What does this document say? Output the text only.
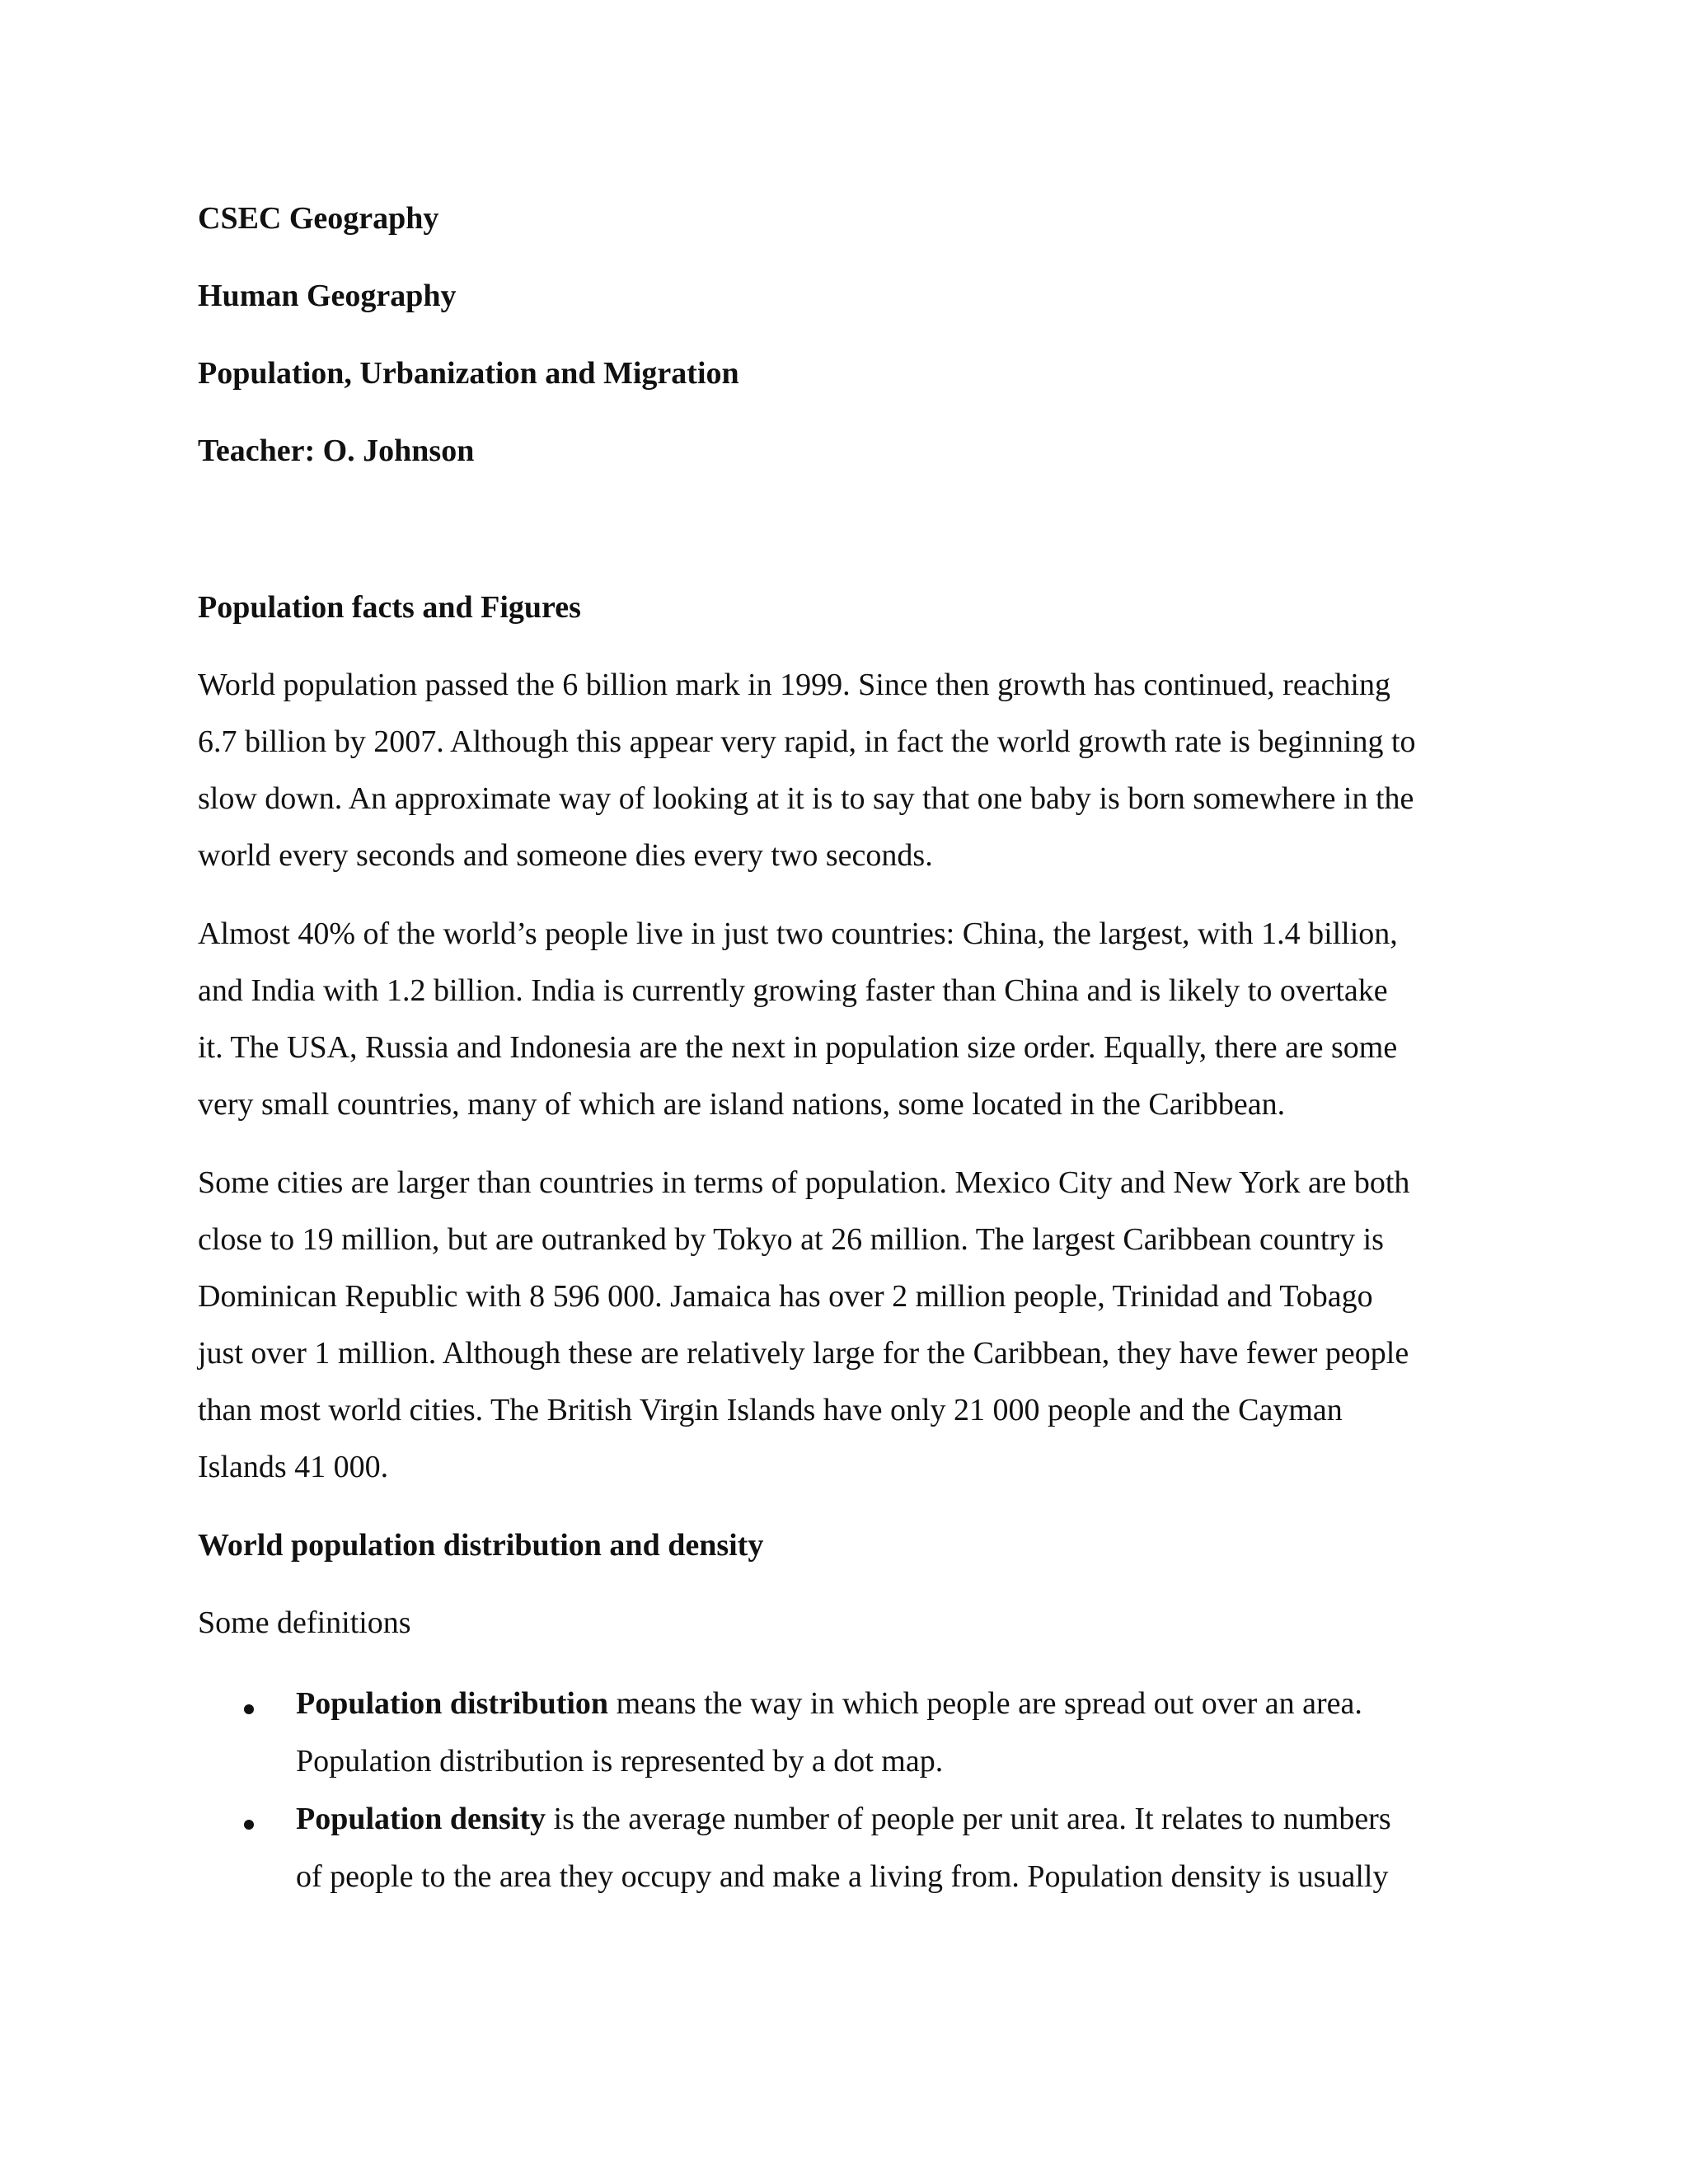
CSEC Geography

Human Geography

Population, Urbanization and Migration

Teacher: O. Johnson

Population facts and Figures

World population passed the 6 billion mark in 1999. Since then growth has continued, reaching

6.7 billion by 2007. Although this appear very rapid, in fact the world growth rate is beginning to

slow down. An approximate way of looking at it is to say that one baby is born somewhere in the

world every seconds and someone dies every two seconds.

Almost 40% of the world’s people live in just two countries: China, the largest, with 1.4 billion,

and India with 1.2 billion. India is currently growing faster than China and is likely to overtake

it. The USA, Russia and Indonesia are the next in population size order. Equally, there are some

very small countries, many of which are island nations, some located in the Caribbean.

Some cities are larger than countries in terms of population. Mexico City and New York are both

close to 19 million, but are outranked by Tokyo at 26 million. The largest Caribbean country is

Dominican Republic with 8 596 000. Jamaica has over 2 million people, Trinidad and Tobago

just over 1 million. Although these are relatively large for the Caribbean, they have fewer people

than most world cities. The British Virgin Islands have only 21 000 people and the Cayman

Islands 41 000.

World population distribution and density

Some definitions

Population distribution means the way in which people are spread out over an area.

Population distribution is represented by a dot map.

Population density is the average number of people per unit area. It relates to numbers

of people to the area they occupy and make a living from. Population density is usually
